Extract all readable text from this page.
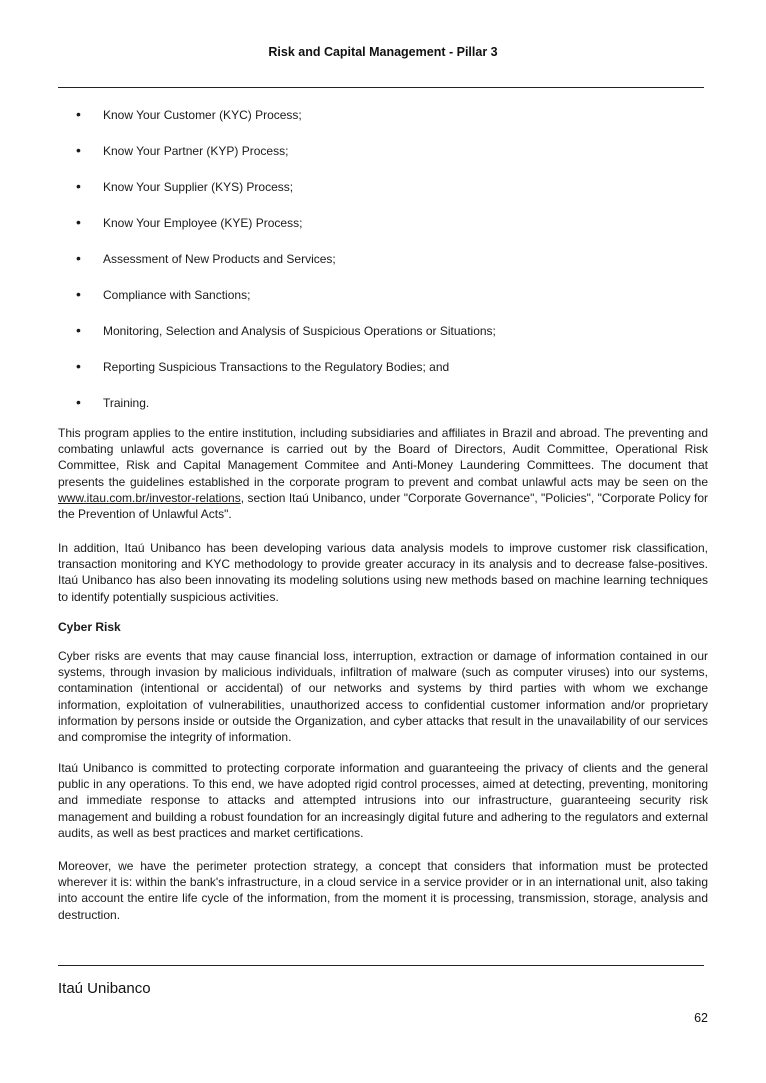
Risk and Capital Management - Pillar 3
• Know Your Customer (KYC) Process;
• Know Your Partner (KYP) Process;
• Know Your Supplier (KYS) Process;
• Know Your Employee (KYE) Process;
• Assessment of New Products and Services;
• Compliance with Sanctions;
• Monitoring, Selection and Analysis of Suspicious Operations or Situations;
• Reporting Suspicious Transactions to the Regulatory Bodies; and
• Training.

This program applies to the entire institution, including subsidiaries and affiliates in Brazil and abroad. The preventing and combating unlawful acts governance is carried out by the Board of Directors, Audit Committee, Operational Risk Committee, Risk and Capital Management Commitee and Anti-Money Laundering Committees. The document that presents the guidelines established in the corporate program to prevent and combat unlawful acts may be seen on the www.itau.com.br/investor-relations, section Itaú Unibanco, under "Corporate Governance", "Policies", "Corporate Policy for the Prevention of Unlawful Acts".

In addition, Itaú Unibanco has been developing various data analysis models to improve customer risk classification, transaction monitoring and KYC methodology to provide greater accuracy in its analysis and to decrease false-positives. Itaú Unibanco has also been innovating its modeling solutions using new methods based on machine learning techniques to identify potentially suspicious activities.

Cyber Risk

Cyber risks are events that may cause financial loss, interruption, extraction or damage of information contained in our systems, through invasion by malicious individuals, infiltration of malware (such as computer viruses) into our systems, contamination (intentional or accidental) of our networks and systems by third parties with whom we exchange information, exploitation of vulnerabilities, unauthorized access to confidential customer information and/or proprietary information by persons inside or outside the Organization, and cyber attacks that result in the unavailability of our services and compromise the integrity of information.

Itaú Unibanco is committed to protecting corporate information and guaranteeing the privacy of clients and the general public in any operations. To this end, we have adopted rigid control processes, aimed at detecting, preventing, monitoring and immediate response to attacks and attempted intrusions into our infrastructure, guaranteeing security risk management and building a robust foundation for an increasingly digital future and adhering to the regulators and external audits, as well as best practices and market certifications.

Moreover, we have the perimeter protection strategy, a concept that considers that information must be protected wherever it is: within the bank's infrastructure, in a cloud service in a service provider or in an international unit, also taking into account the entire life cycle of the information, from the moment it is processing, transmission, storage, analysis and destruction.

Itaú Unibanco
62
